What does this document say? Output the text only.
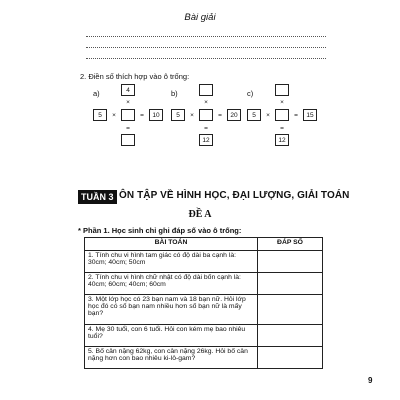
Bài giải
2. Điền số thích hợp vào ô trống:
a)	4
×
5	×	=	10
=
b)
×
5	×	=	20
=
12
c)
×
5	×	=	15
=
12
TUẦN 3 ÔN TẬP VỀ HÌNH HỌC, ĐẠI LƯỢNG, GIẢI TOÁN
ĐỀ A
* Phần 1. Học sinh chỉ ghi đáp số vào ô trống:
BÀI TOÁN	ĐÁP SỐ
1. Tính chu vi hình tam giác có độ dài ba cạnh là: 30cm; 40cm; 50cm	
2. Tính chu vi hình chữ nhật có độ dài bốn cạnh là: 40cm; 60cm; 40cm; 60cm	
3. Một lớp học có 23 bạn nam và 18 bạn nữ. Hỏi lớp học đó có số bạn nam nhiều hơn số bạn nữ là mấy bạn?	
4. Mẹ 30 tuổi, con 6 tuổi. Hỏi con kém mẹ bao nhiêu tuổi?	
5. Bố cân nặng 62kg, con cân nặng 26kg. Hỏi bố cân nặng hơn con bao nhiêu ki-lô-gam?	
9
